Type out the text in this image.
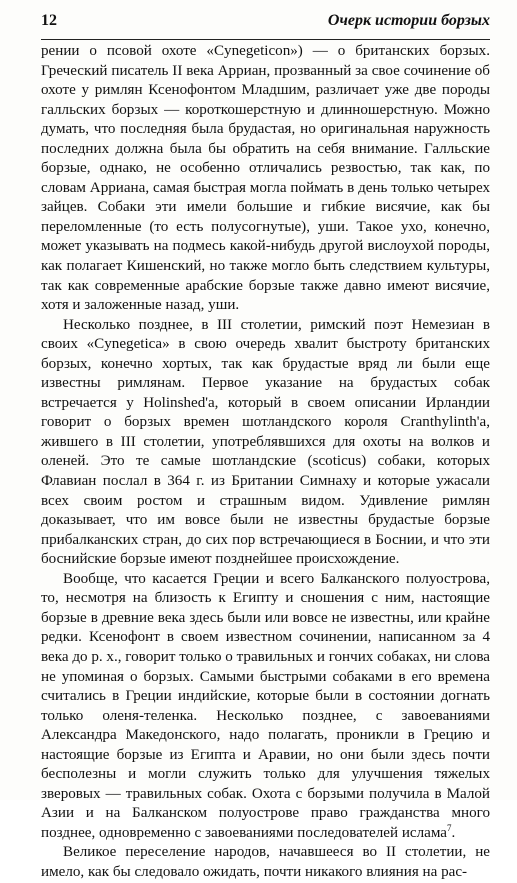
12	Очерк истории борзых

рении о псовой охоте «Cynegeticon») — о британских борзых. Греческий писатель II века Арриан, прозванный за свое сочинение об охоте у римлян Ксенофонтом Младшим, различает уже две породы галльских борзых — короткошерстную и длинношерстную. Можно думать, что последняя была брудастая, но оригинальная наружность последних должна была бы обратить на себя внимание. Галльские борзые, однако, не особенно отличались резвостью, так как, по словам Арриана, самая быстрая могла поймать в день только четырех зайцев. Собаки эти имели большие и гибкие висячие, как бы переломленные (то есть полусогнутые), уши. Такое ухо, конечно, может указывать на подмесь какой-нибудь другой вислоухой породы, как полагает Кишенский, но также могло быть следствием культуры, так как современные арабские борзые также давно имеют висячие, хотя и заложенные назад, уши.

Несколько позднее, в III столетии, римский поэт Немезиан в своих «Cynegetica» в свою очередь хвалит быстроту британских борзых, конечно хортых, так как брудастые вряд ли были еще известны римлянам. Первое указание на брудастых собак встречается у Holinshed'а, который в своем описании Ирландии говорит о борзых времен шотландского короля Cranthylinth'а, жившего в III столетии, употреблявшихся для охоты на волков и оленей. Это те самые шотландские (scoticus) собаки, которых Флавиан послал в 364 г. из Британии Симнаху и которые ужасали всех своим ростом и страшным видом. Удивление римлян доказывает, что им вовсе были не известны брудастые борзые прибалканских стран, до сих пор встречающиеся в Боснии, и что эти боснийские борзые имеют позднейшее происхождение.

Вообще, что касается Греции и всего Балканского полуострова, то, несмотря на близость к Египту и сношения с ним, настоящие борзые в древние века здесь были или вовсе не известны, или крайне редки. Ксенофонт в своем известном сочинении, написанном за 4 века до р. х., говорит только о травильных и гончих собаках, ни слова не упоминая о борзых. Самыми быстрыми собаками в его времена считались в Греции индийские, которые были в состоянии догнать только оленя-теленка. Несколько позднее, с завоеваниями Александра Македонского, надо полагать, проникли в Грецию и настоящие борзые из Египта и Аравии, но они были здесь почти бесполезны и могли служить только для улучшения тяжелых зверовых — травильных собак. Охота с борзыми получила в Малой Азии и на Балканском полуострове право гражданства много позднее, одновременно с завоеваниями последователей ислама$^7$.

Великое переселение народов, начавшееся во II столетии, не имело, как бы следовало ожидать, почти никакого влияния на рас-
